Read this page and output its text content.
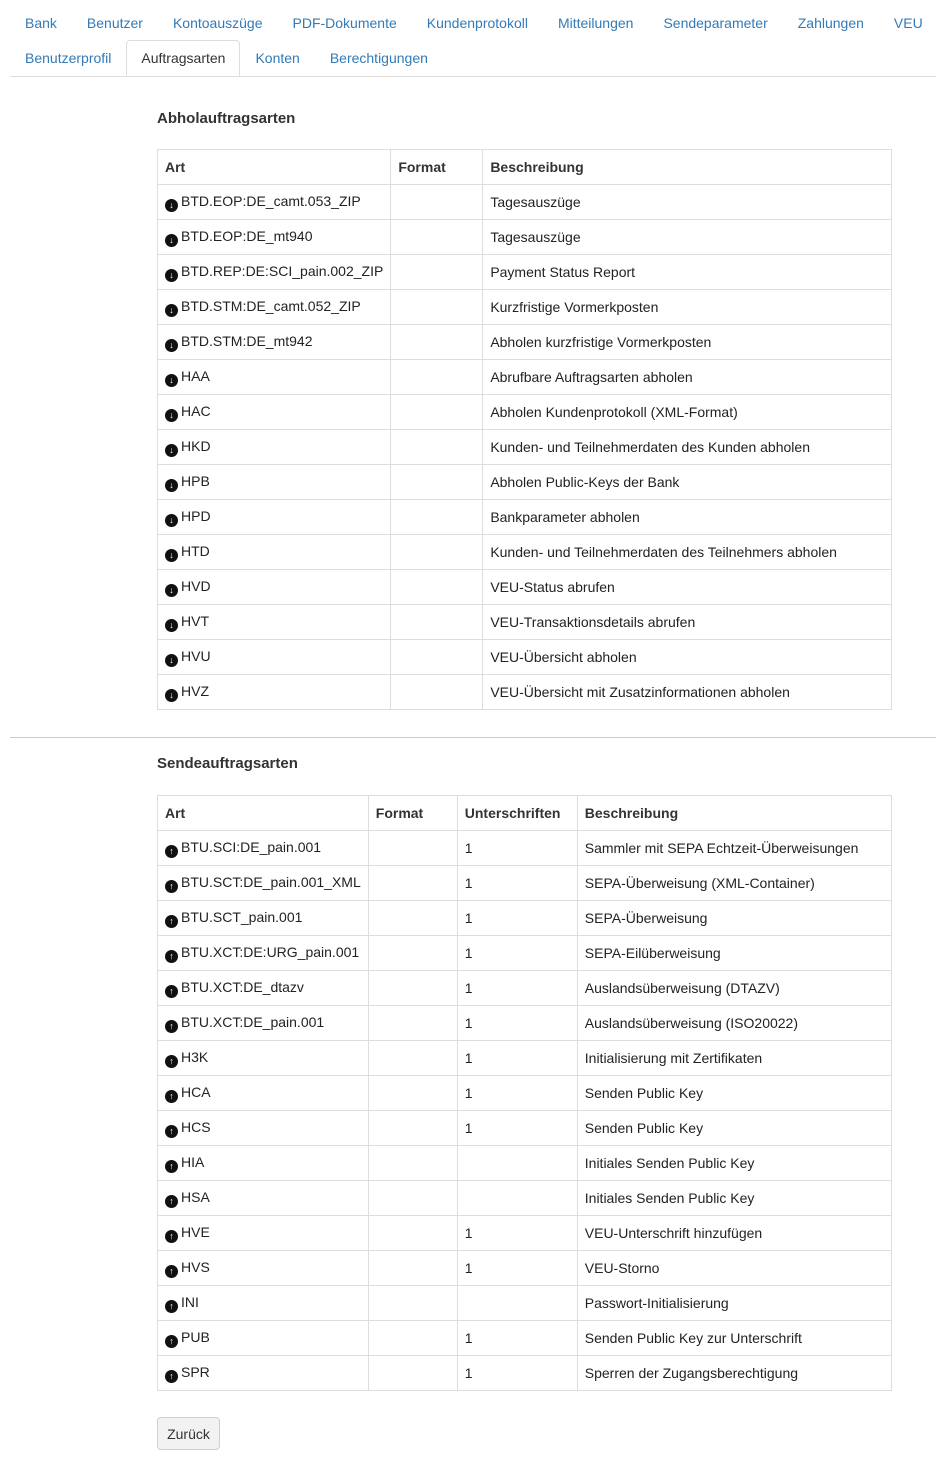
Bank	Benutzer	Kontoauszüge	PDF-Dokumente	Kundenprotokoll	Mitteilungen	Sendeparameter	Zahlungen	VEU
Benutzerprofil	Auftragsarten	Konten	Berechtigungen
Abholauftragsarten
Art	Format	Beschreibung
↓ BTD.EOP:DE_camt.053_ZIP		Tagesauszüge
↓ BTD.EOP:DE_mt940		Tagesauszüge
↓ BTD.REP:DE:SCI_pain.002_ZIP		Payment Status Report
↓ BTD.STM:DE_camt.052_ZIP		Kurzfristige Vormerkposten
↓ BTD.STM:DE_mt942		Abholen kurzfristige Vormerkposten
↓ HAA		Abrufbare Auftragsarten abholen
↓ HAC		Abholen Kundenprotokoll (XML-Format)
↓ HKD		Kunden- und Teilnehmerdaten des Kunden abholen
↓ HPB		Abholen Public-Keys der Bank
↓ HPD		Bankparameter abholen
↓ HTD		Kunden- und Teilnehmerdaten des Teilnehmers abholen
↓ HVD		VEU-Status abrufen
↓ HVT		VEU-Transaktionsdetails abrufen
↓ HVU		VEU-Übersicht abholen
↓ HVZ		VEU-Übersicht mit Zusatzinformationen abholen
Sendeauftragsarten
Art	Format	Unterschriften	Beschreibung
↑ BTU.SCI:DE_pain.001		1	Sammler mit SEPA Echtzeit-Überweisungen
↑ BTU.SCT:DE_pain.001_XML		1	SEPA-Überweisung (XML-Container)
↑ BTU.SCT_pain.001		1	SEPA-Überweisung
↑ BTU.XCT:DE:URG_pain.001		1	SEPA-Eilüberweisung
↑ BTU.XCT:DE_dtazv		1	Auslandsüberweisung (DTAZV)
↑ BTU.XCT:DE_pain.001		1	Auslandsüberweisung (ISO20022)
↑ H3K		1	Initialisierung mit Zertifikaten
↑ HCA		1	Senden Public Key
↑ HCS		1	Senden Public Key
↑ HIA			Initiales Senden Public Key
↑ HSA			Initiales Senden Public Key
↑ HVE		1	VEU-Unterschrift hinzufügen
↑ HVS		1	VEU-Storno
↑ INI			Passwort-Initialisierung
↑ PUB		1	Senden Public Key zur Unterschrift
↑ SPR		1	Sperren der Zugangsberechtigung
Zurück
